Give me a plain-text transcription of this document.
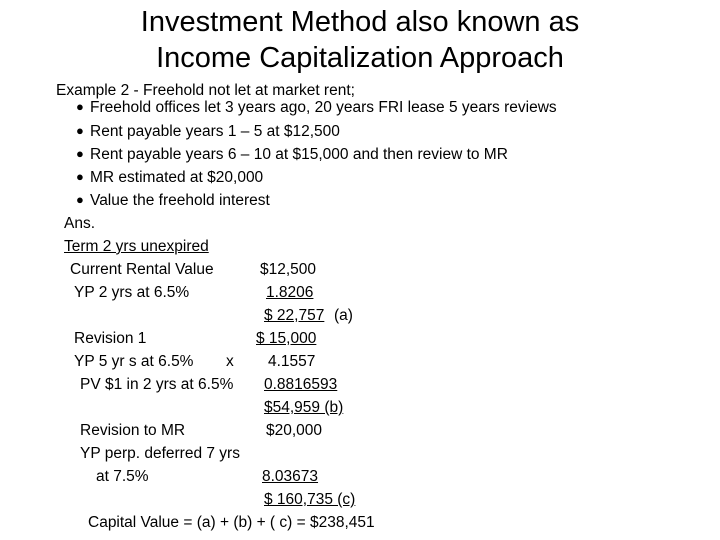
Investment Method also known as
Income Capitalization Approach
Example 2 - Freehold not let at market rent;
● Freehold offices let 3 years ago, 20 years FRI lease 5 years reviews
● Rent payable years 1 – 5 at $12,500
● Rent payable years 6 – 10 at $15,000 and then review to MR
● MR estimated at $20,000
● Value the freehold interest
Ans.
Term 2 yrs unexpired
Current Rental Value	$12,500
YP 2 yrs at 6.5%	1.8206
$ 22,757 (a)
Revision 1	$ 15,000
YP 5 yr s at 6.5% x 4.1557
PV $1 in 2 yrs at 6.5% 0.8816593
$54,959 (b)
Revision to MR	$20,000
YP perp. deferred 7 yrs
at 7.5%	8.03673
$ 160,735 (c)
Capital Value = (a) + (b) + ( c) = $238,451
